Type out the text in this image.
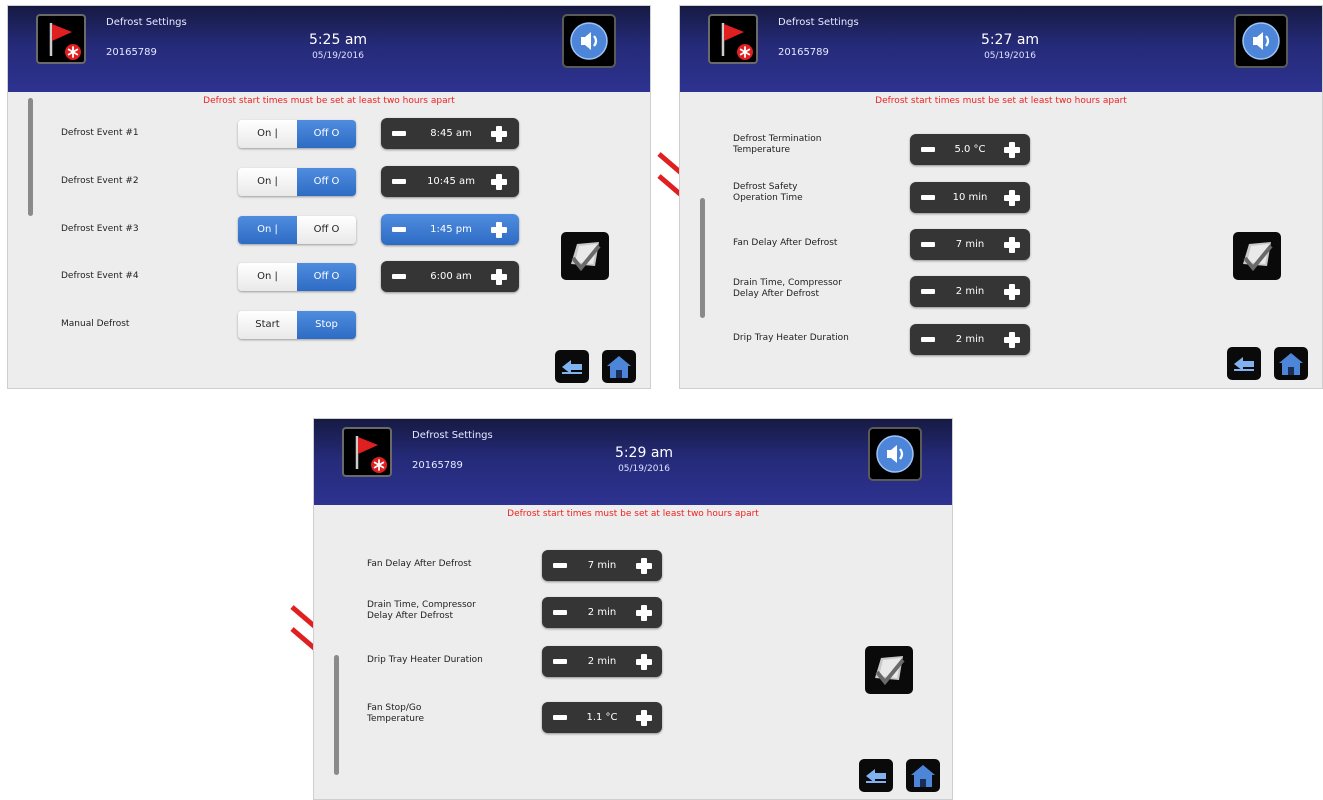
Defrost Settings
20165789
5:25 am
05/19/2016
Defrost start times must be set at least two hours apart
Defrost Event #1	On |	Off O	8:45 am
Defrost Event #2	On |	Off O	10:45 am
Defrost Event #3	On |	Off O	1:45 pm
Defrost Event #4	On |	Off O	6:00 am
Manual Defrost	Start	Stop
Defrost Settings
20165789
5:27 am
05/19/2016
Defrost start times must be set at least two hours apart
Defrost Termination
Temperature	5.0 °C
Defrost Safety
Operation Time	10 min
Fan Delay After Defrost	7 min
Drain Time, Compressor
Delay After Defrost	2 min
Drip Tray Heater Duration	2 min
Defrost Settings
20165789
5:29 am
05/19/2016
Defrost start times must be set at least two hours apart
Fan Delay After Defrost	7 min
Drain Time, Compressor
Delay After Defrost	2 min
Drip Tray Heater Duration	2 min
Fan Stop/Go
Temperature	1.1 °C
